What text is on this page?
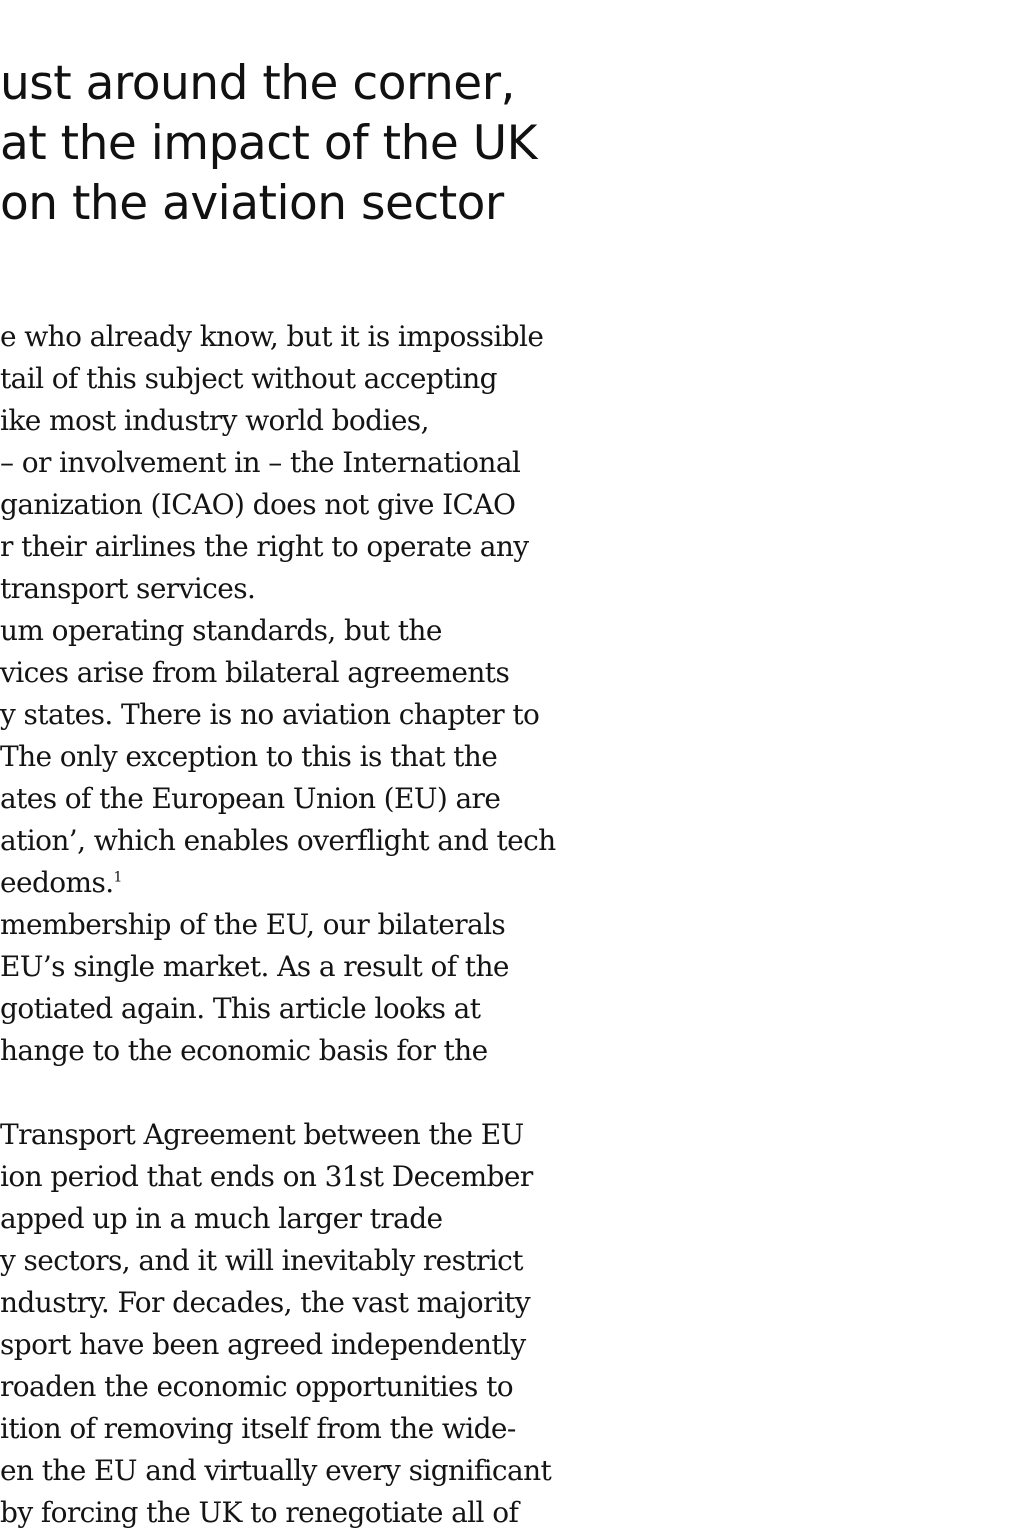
ust around the corner,
at the impact of the UK
on the aviation sector
e who already know, but it is impossible
tail of this subject without accepting
ike most industry world bodies,
– or involvement in – the International
ganization (ICAO) does not give ICAO
r their airlines the right to operate any
transport services.
um operating standards, but the
vices arise from bilateral agreements
y states. There is no aviation chapter to
The only exception to this is that the
ates of the European Union (EU) are
ation’, which enables overflight and tech
eedoms.$^1$
membership of the EU, our bilaterals
EU’s single market. As a result of the
gotiated again. This article looks at
hange to the economic basis for the
Transport Agreement between the EU
ion period that ends on 31st December
apped up in a much larger trade
y sectors, and it will inevitably restrict
ndustry. For decades, the vast majority
sport have been agreed independently
roaden the economic opportunities to
ition of removing itself from the wide-
en the EU and virtually every significant
by forcing the UK to renegotiate all of
